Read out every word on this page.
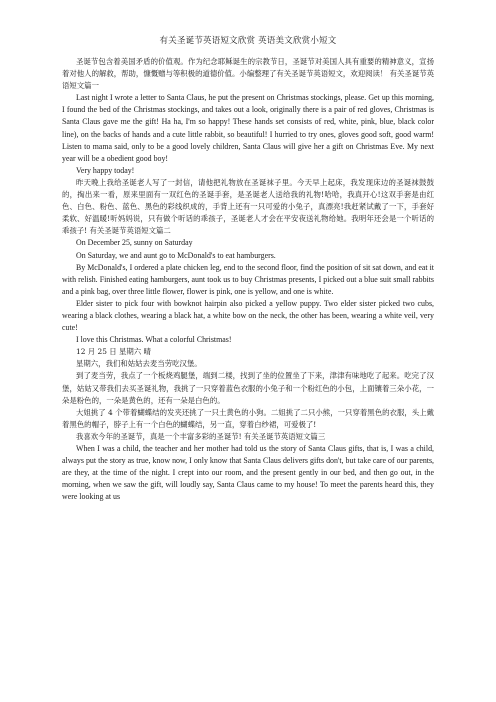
有关圣诞节英语短文欣赏 英语美文欣赏小短文

圣诞节包含着美国矛盾的价值观。作为纪念耶稣诞生的宗教节日，圣诞节对美国人具有重要的精神意义，宣扬着对他人的解救，帮助，慷慨赠与等积极的道德价值。小编整理了有关圣诞节英语短文，欢迎阅读！ 有关圣诞节英语短文篇一

Last night I wrote a letter to Santa Claus, he put the present on Christmas stockings, please. Get up this morning, I found the bed of the Christmas stockings, and takes out a look, originally there is a pair of red gloves, Christmas is Santa Claus gave me the gift! Ha ha, I'm so happy! These hands set consists of red, white, pink, blue, black color line), on the backs of hands and a cute little rabbit, so beautiful! I hurried to try ones, gloves good soft, good warm! Listen to mama said, only to be a good lovely children, Santa Claus will give her a gift on Christmas Eve. My next year will be a obedient good boy!

Very happy today!

昨天晚上我给圣诞老人写了一封信，请他把礼物放在圣诞袜子里。今天早上起床，我发现床边的圣诞袜鼓鼓的，掏出来一看，原来里面有一双红色的圣诞手套，是圣诞老人送给我的礼物!哈哈，我真开心!这双手套是由红色、白色、粉色、蓝色、黑色的彩线织成的，手背上还有一只可爱的小兔子，真漂亮!我赶紧试戴了一下，手套好柔软、好温暖!听妈妈说，只有做个听话的乖孩子，圣诞老人才会在平安夜送礼物给她。我明年还会是一个听话的乖孩子! 有关圣诞节英语短文篇二

On December 25, sunny on Saturday

On Saturday, we and aunt go to McDonald's to eat hamburgers.

By McDonald's, I ordered a plate chicken leg, end to the second floor, find the position of sit sat down, and eat it with relish. Finished eating hamburgers, aunt took us to buy Christmas presents, I picked out a blue suit small rabbits and a pink bag, over three little flower, flower is pink, one is yellow, and one is white.

Elder sister to pick four with bowknot hairpin also picked a yellow puppy. Two elder sister picked two cubs, wearing a black clothes, wearing a black hat, a white bow on the neck, the other has been, wearing a white veil, very cute!

I love this Christmas. What a colorful Christmas!

12 月 25 日 星期六 晴

星期六，我们和姑姑去麦当劳吃汉堡。

到了麦当劳，我点了一个板烧鸡腿堡，端到二楼，找到了坐的位置坐了下来，津津有味地吃了起来。吃完了汉堡，姑姑又带我们去买圣诞礼物，我挑了一只穿着蓝色衣服的小兔子和一个粉红色的小包，上面镶着三朵小花，一朵是粉色的，一朵是黄色的，还有一朵是白色的。

大姐挑了 4 个带着蝴蝶结的发夹还挑了一只土黄色的小狗。二姐挑了二只小熊，一只穿着黑色的衣服，头上戴着黑色的帽子，脖子上有一个白色的蝴蝶结，另一直，穿着白纱裙，可爱极了!

我喜欢今年的圣诞节，真是一个丰富多彩的圣诞节! 有关圣诞节英语短文篇三

When I was a child, the teacher and her mother had told us the story of Santa Claus gifts, that is, I was a child, always put the story as true, know now, I only know that Santa Claus delivers gifts don't, but take care of our parents, are they, at the time of the night. I crept into our room, and the present gently in our bed, and then go out, in the morning, when we saw the gift, will loudly say, Santa Claus came to my house! To meet the parents heard this, they were looking at us
